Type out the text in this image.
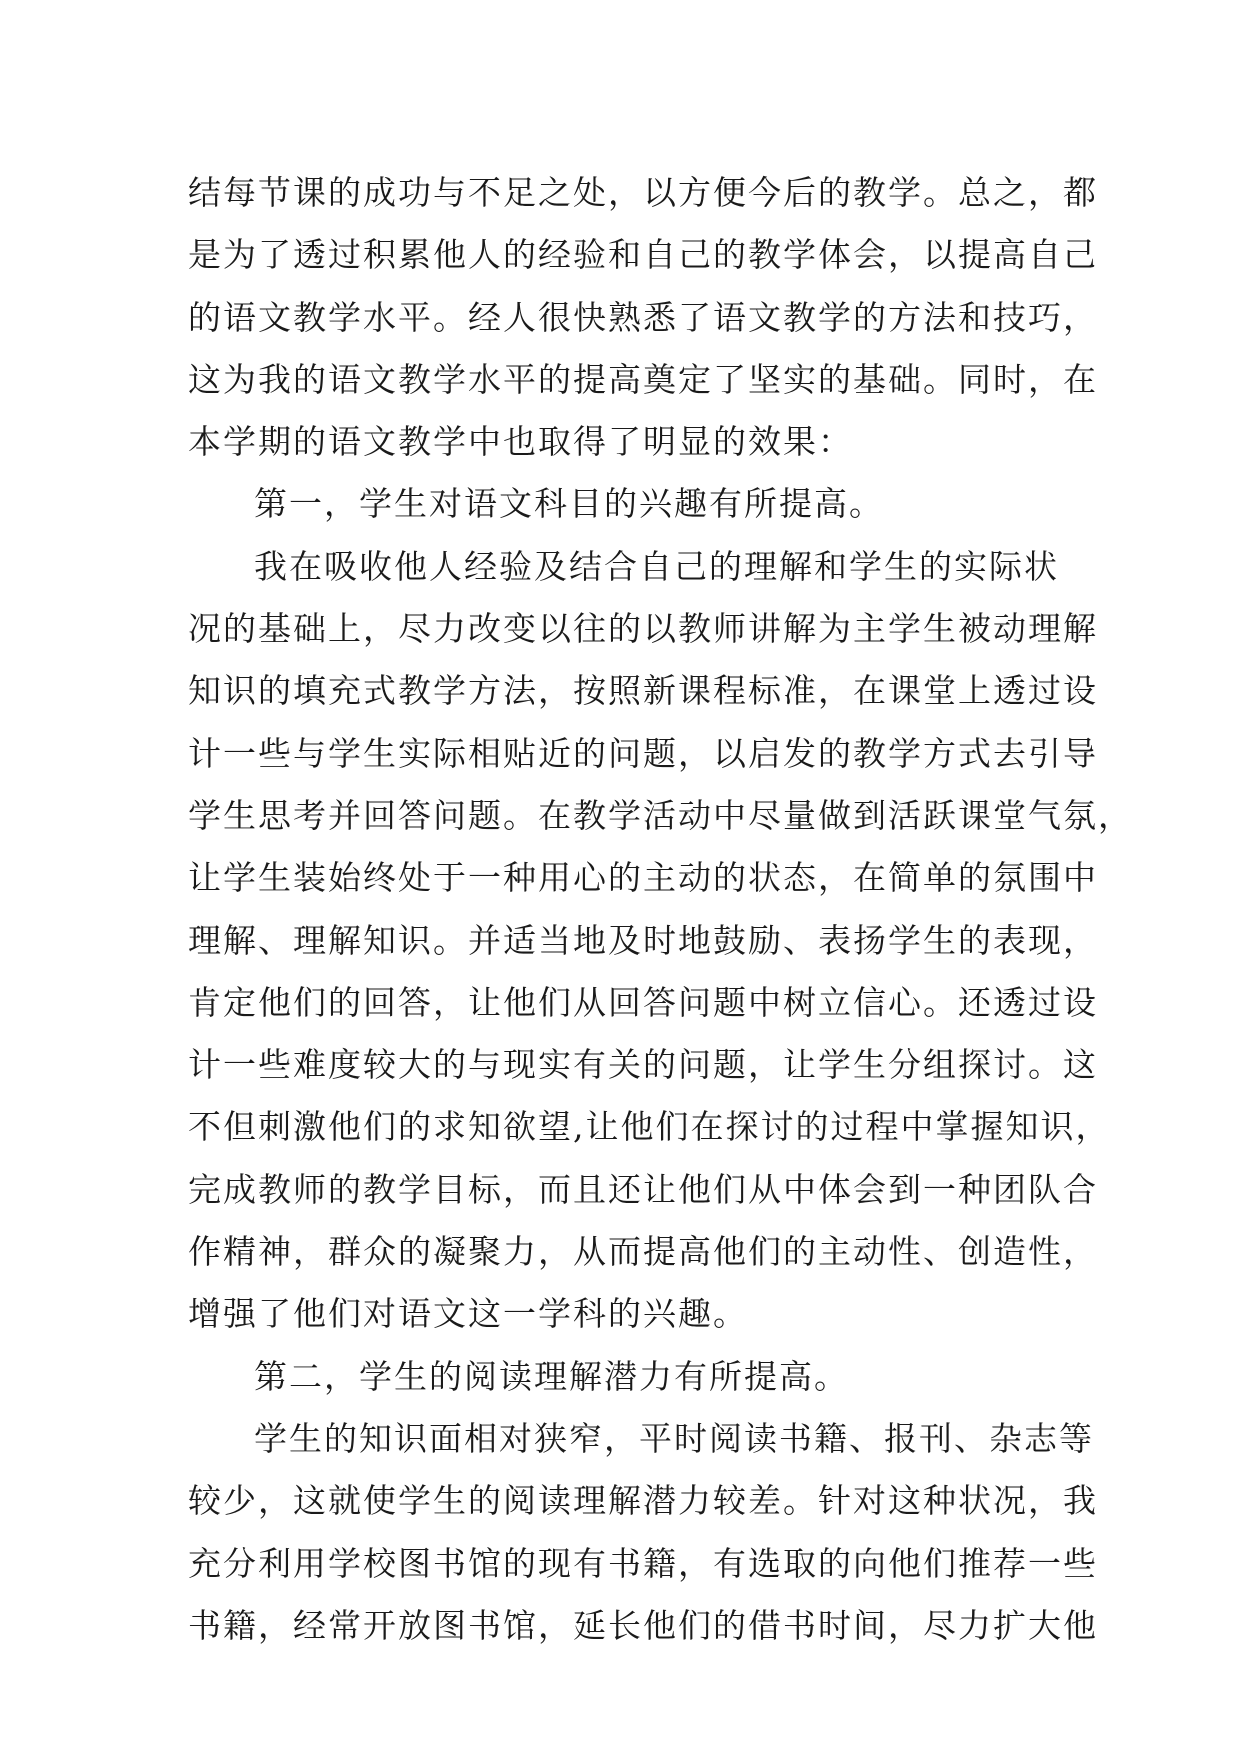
结每节课的成功与不足之处，以方便今后的教学。总之，都
是为了透过积累他人的经验和自己的教学体会，以提高自己
的语文教学水平。经人很快熟悉了语文教学的方法和技巧，
这为我的语文教学水平的提高奠定了坚实的基础。同时，在
本学期的语文教学中也取得了明显的效果：
第一，学生对语文科目的兴趣有所提高。
我在吸收他人经验及结合自己的理解和学生的实际状
况的基础上，尽力改变以往的以教师讲解为主学生被动理解
知识的填充式教学方法，按照新课程标准，在课堂上透过设
计一些与学生实际相贴近的问题，以启发的教学方式去引导
学生思考并回答问题。在教学活动中尽量做到活跃课堂气氛，
让学生装始终处于一种用心的主动的状态，在简单的氛围中
理解、理解知识。并适当地及时地鼓励、表扬学生的表现，
肯定他们的回答，让他们从回答问题中树立信心。还透过设
计一些难度较大的与现实有关的问题，让学生分组探讨。这
不但刺激他们的求知欲望,让他们在探讨的过程中掌握知识，
完成教师的教学目标，而且还让他们从中体会到一种团队合
作精神，群众的凝聚力，从而提高他们的主动性、创造性，
增强了他们对语文这一学科的兴趣。
第二，学生的阅读理解潜力有所提高。
学生的知识面相对狭窄，平时阅读书籍、报刊、杂志等
较少，这就使学生的阅读理解潜力较差。针对这种状况，我
充分利用学校图书馆的现有书籍，有选取的向他们推荐一些
书籍，经常开放图书馆，延长他们的借书时间，尽力扩大他
